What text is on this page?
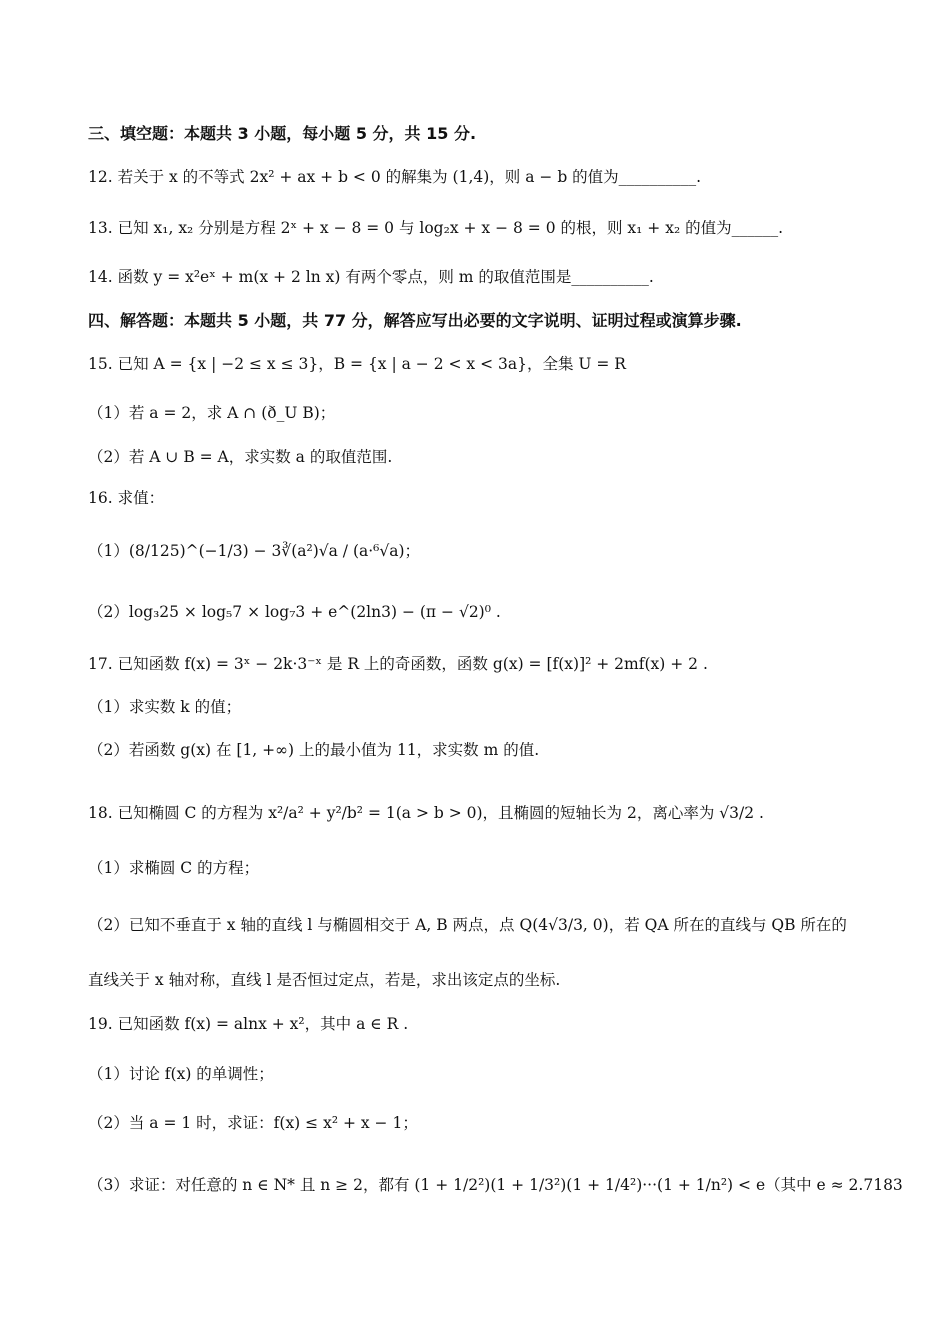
三、填空题：本题共 3 小题，每小题 5 分，共 15 分.
12. 若关于 x 的不等式 2x² + ax + b < 0 的解集为 (1,4)，则 a − b 的值为__________.
13. 已知 x₁, x₂ 分别是方程 2ˣ + x − 8 = 0 与 log₂x + x − 8 = 0 的根，则 x₁ + x₂ 的值为______.
14. 函数 y = x²eˣ + m(x + 2 ln x) 有两个零点，则 m 的取值范围是__________.
四、解答题：本题共 5 小题，共 77 分，解答应写出必要的文字说明、证明过程或演算步骤.
15. 已知 A = {x | −2 ≤ x ≤ 3}，B = {x | a − 2 < x < 3a}，全集 U = R
（1）若 a = 2，求 A ∩ (ð_U B)；
（2）若 A ∪ B = A，求实数 a 的取值范围.
16. 求值：
（1）(8/125)^(−1/3) − 3∛(a²)√a / (a·⁶√a)；
（2）log₃25 × log₅7 × log₇3 + e^(2ln3) − (π − √2)⁰ .
17. 已知函数 f(x) = 3ˣ − 2k·3⁻ˣ 是 R 上的奇函数，函数 g(x) = [f(x)]² + 2mf(x) + 2 .
（1）求实数 k 的值；
（2）若函数 g(x) 在 [1, +∞) 上的最小值为 11，求实数 m 的值.
18. 已知椭圆 C 的方程为 x²/a² + y²/b² = 1(a > b > 0)，且椭圆的短轴长为 2，离心率为 √3/2 .
（1）求椭圆 C 的方程；
（2）已知不垂直于 x 轴的直线 l 与椭圆相交于 A, B 两点，点 Q(4√3/3, 0)，若 QA 所在的直线与 QB 所在的
直线关于 x 轴对称，直线 l 是否恒过定点，若是，求出该定点的坐标.
19. 已知函数 f(x) = alnx + x²，其中 a ∈ R .
（1）讨论 f(x) 的单调性；
（2）当 a = 1 时，求证：f(x) ≤ x² + x − 1；
（3）求证：对任意的 n ∈ N* 且 n ≥ 2，都有 (1 + 1/2²)(1 + 1/3²)(1 + 1/4²)···(1 + 1/n²) < e（其中 e ≈ 2.7183
